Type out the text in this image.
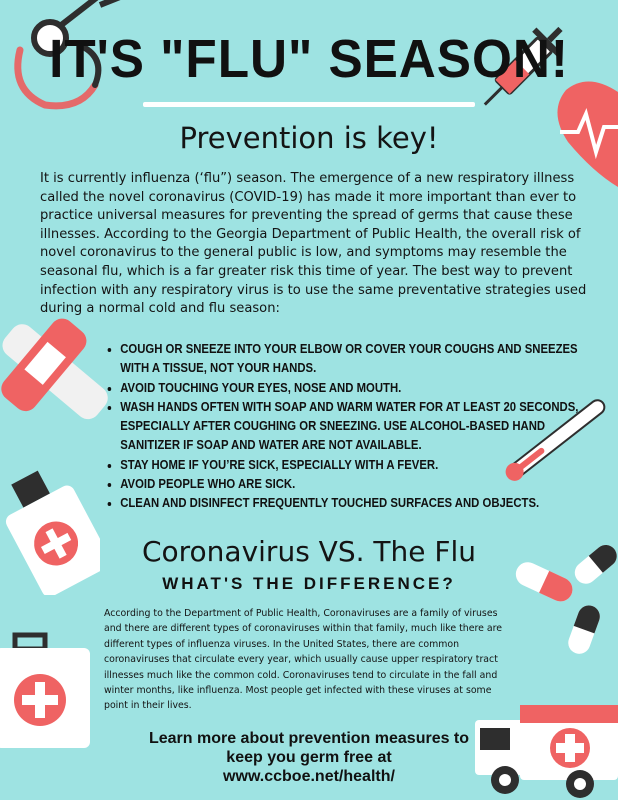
IT'S "FLU" SEASON!
Prevention is key!

It is currently influenza (‘flu”) season. The emergence of a new respiratory illness called the novel coronavirus (COVID-19) has made it more important than ever to practice universal measures for preventing the spread of germs that cause these illnesses. According to the Georgia Department of Public Health, the overall risk of novel coronavirus to the general public is low, and symptoms may resemble the seasonal flu, which is a far greater risk this time of year. The best way to prevent infection with any respiratory virus is to use the same preventative strategies used during a normal cold and flu season:

• COUGH OR SNEEZE INTO YOUR ELBOW OR COVER YOUR COUGHS AND SNEEZES WITH A TISSUE, NOT YOUR HANDS.
• AVOID TOUCHING YOUR EYES, NOSE AND MOUTH.
• WASH HANDS OFTEN WITH SOAP AND WARM WATER FOR AT LEAST 20 SECONDS, ESPECIALLY AFTER COUGHING OR SNEEZING. USE ALCOHOL-BASED HAND SANITIZER IF SOAP AND WATER ARE NOT AVAILABLE.
• STAY HOME IF YOU’RE SICK, ESPECIALLY WITH A FEVER.
• AVOID PEOPLE WHO ARE SICK.
• CLEAN AND DISINFECT FREQUENTLY TOUCHED SURFACES AND OBJECTS.
Coronavirus VS. The Flu
WHAT'S THE DIFFERENCE?

According to the Department of Public Health, Coronaviruses are a family of viruses and there are different types of coronaviruses within that family, much like there are different types of influenza viruses. In the United States, there are common coronaviruses that circulate every year, which usually cause upper respiratory tract illnesses much like the common cold. Coronaviruses tend to circulate in the fall and winter months, like influenza. Most people get infected with these viruses at some point in their lives.

Learn more about prevention measures to
keep you germ free at
www.ccboe.net/health/
